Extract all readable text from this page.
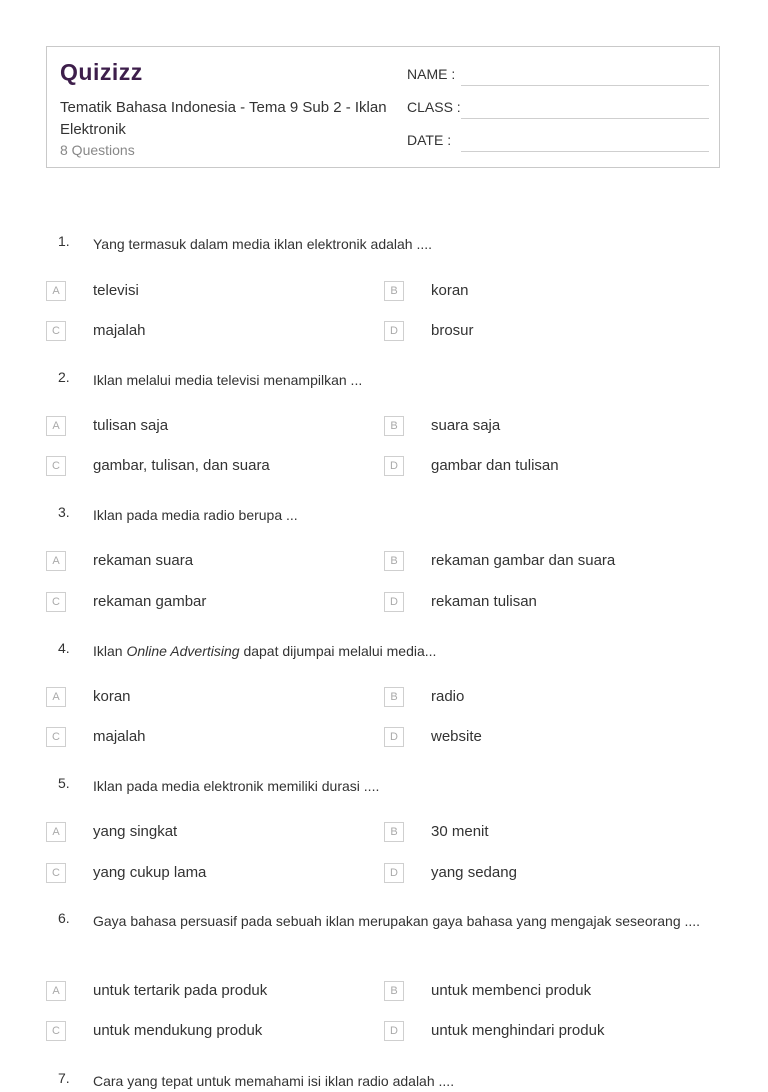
Quizizz
Tematik Bahasa Indonesia - Tema 9 Sub 2 - Iklan Elektronik
8 Questions
NAME :
CLASS :
DATE :
1. Yang termasuk dalam media iklan elektronik adalah ....
A	televisi	B	koran
C	majalah	D	brosur
2. Iklan melalui media televisi menampilkan ...
A	tulisan saja	B	suara saja
C	gambar, tulisan, dan suara	D	gambar dan tulisan
3. Iklan pada media radio berupa ...
A	rekaman suara	B	rekaman gambar dan suara
C	rekaman gambar	D	rekaman tulisan
4. Iklan Online Advertising dapat dijumpai melalui media...
A	koran	B	radio
C	majalah	D	website
5. Iklan pada media elektronik memiliki durasi ....
A	yang singkat	B	30 menit
C	yang cukup lama	D	yang sedang
6. Gaya bahasa persuasif pada sebuah iklan merupakan gaya bahasa yang mengajak seseorang ....
A	untuk tertarik pada produk	B	untuk membenci produk
C	untuk mendukung produk	D	untuk menghindari produk
7. Cara yang tepat untuk memahami isi iklan radio adalah ....
